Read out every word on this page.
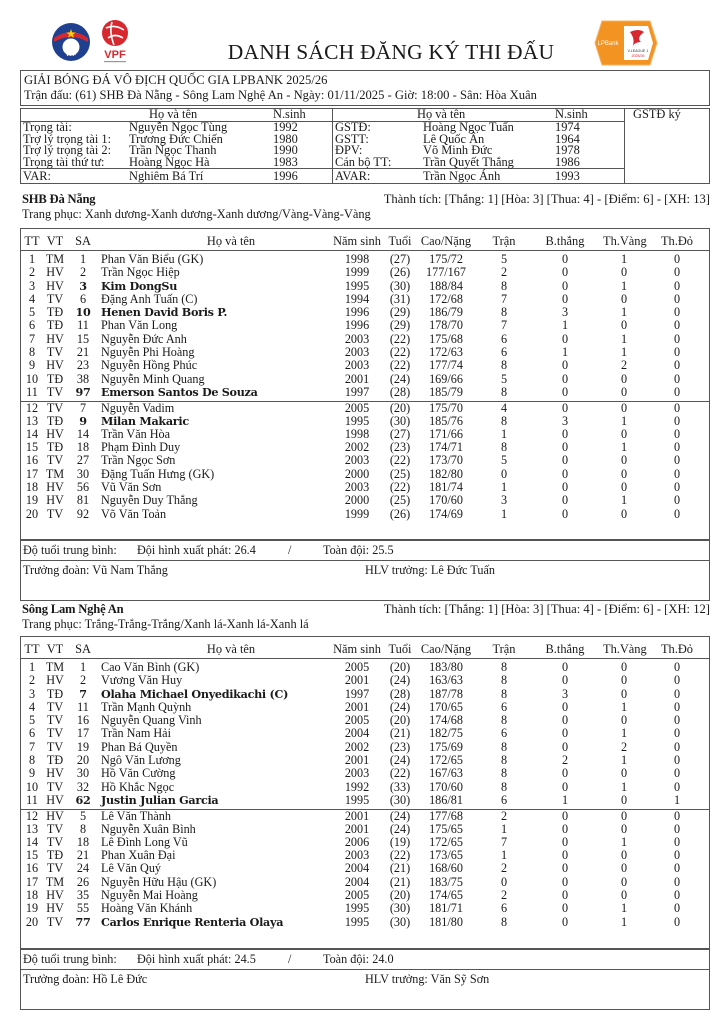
VFF	VPF
LPBank
V.LEAGUE 1
2025/26
DANH SÁCH ĐĂNG KÝ THI ĐẤU
GIẢI BÓNG ĐÁ VÔ ĐỊCH QUỐC GIA LPBANK 2025/26
Trận đấu: (61) SHB Đà Nẵng - Sông Lam Nghệ An - Ngày: 01/11/2025 - Giờ: 18:00 - Sân: Hòa Xuân
Họ và tên	N.sinh	Họ và tên	N.sinh	GSTĐ ký
Trọng tài:	Nguyễn Ngọc Tùng	1992
Trợ lý trọng tài 1: Trương Đức Chiến	1980
Trợ lý trọng tài 2: Trần Ngọc Thanh	1990
Trọng tài thứ tư: Hoàng Ngọc Hà	1983
GSTĐ:	Hoàng Ngọc Tuấn	1974
GSTT:	Lê Quốc Ân	1964
ĐPV:	Võ Minh Đức	1978
Cán bộ TT:	Trần Quyết Thắng	1986
VAR:	Nghiêm Bá Trí	1996	AVAR:	Trần Ngọc Ánh	1993
SHB Đà Nẵng	Thành tích: [Thắng: 1] [Hòa: 3] [Thua: 4] - [Điểm: 6] - [XH: 13]
Trang phục: Xanh dương-Xanh dương-Xanh dương/Vàng-Vàng-Vàng
TT VT SA	Họ và tên	Năm sinh Tuổi Cao/Nặng	Trận B.thắng Th.Vàng	Th.Đỏ
1 TM	1	Phan Văn Biểu (GK)	1998	(27)	175/72	5	0	1	0
2 HV	2	Trần Ngọc Hiệp	1999	(26)	177/167	2	0	0	0
3 HV	3	Kim DongSu	1995	(30)	188/84	8	0	1	0
4 TV	6	Đặng Anh Tuấn (C)	1994	(31)	172/68	7	0	0	0
5 TĐ	10 Henen David Boris P.	1996	(29)	186/79	8	3	1	0
6 TĐ	11 Phan Văn Long	1996	(29)	178/70	7	1	0	0
7 HV	15 Nguyễn Đức Anh	2003	(22)	175/68	6	0	1	0
8 TV	21 Nguyễn Phi Hoàng	2003	(22)	172/63	6	1	1	0
9 HV	23 Nguyễn Hồng Phúc	2003	(22)	177/74	8	0	2	0
10 TĐ	38 Nguyễn Minh Quang	2001	(24)	169/66	5	0	0	0
11 TV	97 Emerson Santos De Souza	1997	(28)	185/79	8	0	0	0
12 TV	7	Nguyễn Vadim	2005	(20)	175/70	4	0	0	0
13 TĐ	9	Milan Makaric	1995	(30)	185/76	8	3	1	0
14 HV	14 Trần Văn Hòa	1998	(27)	171/66	1	0	0	0
15 TĐ	18 Phạm Đình Duy	2002	(23)	174/71	8	0	1	0
16 TV	27 Trần Ngọc Sơn	2003	(22)	173/70	5	0	0	0
17 TM	30 Đặng Tuấn Hưng (GK)	2000	(25)	182/80	0	0	0	0
18 HV	56 Vũ Văn Sơn	2003	(22)	181/74	1	0	0	0
19 HV	81 Nguyễn Duy Thắng	2000	(25)	170/60	3	0	1	0
20 TV	92 Võ Văn Toản	1999	(26)	174/69	1	0	0	0
Độ tuổi trung bình: Đội hình xuất phát: 26.4	/	Toàn đội: 25.5
Trưởng đoàn: Vũ Nam Thắng	HLV trưởng: Lê Đức Tuấn
Sông Lam Nghệ An	Thành tích: [Thắng: 1] [Hòa: 3] [Thua: 4] - [Điểm: 6] - [XH: 12]
Trang phục: Trắng-Trắng-Trắng/Xanh lá-Xanh lá-Xanh lá
TT VT SA	Họ và tên	Năm sinh Tuổi Cao/Nặng	Trận B.thắng Th.Vàng	Th.Đỏ
1 TM	1	Cao Văn Bình (GK)	2005	(20)	183/80	8	0	0	0
2 HV	2	Vương Văn Huy	2001	(24)	163/63	8	0	0	0
3 TĐ	7	Olaha Michael Onyedikachi (C)	1997	(28)	187/78	8	3	0	0
4 TV	11 Trần Mạnh Quỳnh	2001	(24)	170/65	6	0	1	0
5 TV	16 Nguyễn Quang Vinh	2005	(20)	174/68	8	0	0	0
6 TV	17 Trần Nam Hải	2004	(21)	182/75	6	0	1	0
7 TV	19 Phan Bá Quyền	2002	(23)	175/69	8	0	2	0
8 TĐ	20 Ngô Văn Lương	2001	(24)	172/65	8	2	1	0
9 HV	30 Hồ Văn Cường	2003	(22)	167/63	8	0	0	0
10 TV	32 Hồ Khắc Ngọc	1992	(33)	170/60	8	0	1	0
11 HV	62 Justin Julian Garcia	1995	(30)	186/81	6	1	0	1
12 HV	5	Lê Văn Thành	2001	(24)	177/68	2	0	0	0
13 TV	8	Nguyễn Xuân Bình	2001	(24)	175/65	1	0	0	0
14 TV	18 Lê Đình Long Vũ	2006	(19)	172/65	7	0	1	0
15 TĐ	21 Phan Xuân Đại	2003	(22)	173/65	1	0	0	0
16 TV	24 Lê Văn Quý	2004	(21)	168/60	2	0	0	0
17 TM	26 Nguyễn Hữu Hậu (GK)	2004	(21)	183/75	0	0	0	0
18 HV	35 Nguyễn Mai Hoàng	2005	(20)	174/65	2	0	0	0
19 HV	55 Hoàng Văn Khánh	1995	(30)	181/71	6	0	1	0
20 TV	77 Carlos Enrique Renteria Olaya	1995	(30)	181/80	8	0	1	0
Độ tuổi trung bình: Đội hình xuất phát: 24.5	/	Toàn đội: 24.0
Trưởng đoàn: Hồ Lê Đức	HLV trưởng: Văn Sỹ Sơn
